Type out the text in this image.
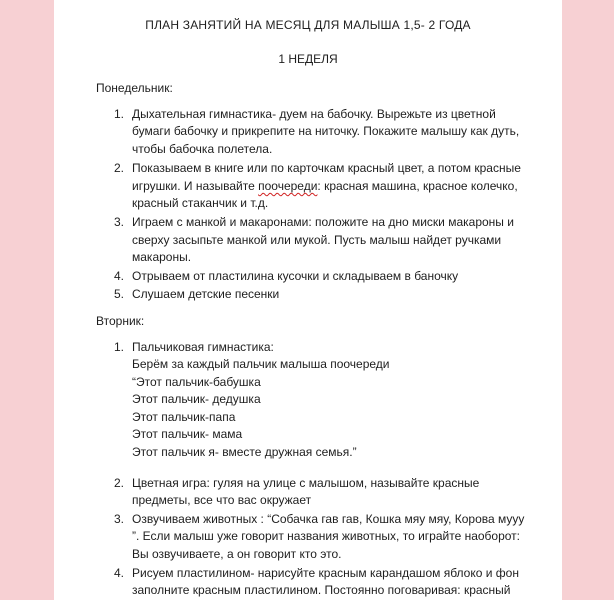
ПЛАН ЗАНЯТИЙ НА МЕСЯЦ ДЛЯ МАЛЫША 1,5- 2 ГОДА
1 НЕДЕЛЯ
Понедельник:
1. Дыхательная гимнастика- дуем на бабочку. Вырежьте из цветной
бумаги бабочку и прикрепите на ниточку. Покажите малышу как дуть,
чтобы бабочка полетела.
2. Показываем в книге или по карточкам красный цвет, а потом красные
игрушки. И называйте поочереди: красная машина, красное колечко,
красный стаканчик и т.д.
3. Играем с манкой и макаронами: положите на дно миски макароны и
сверху засыпьте манкой или мукой. Пусть малыш найдет ручками
макароны.
4. Отрываем от пластилина кусочки и складываем в баночку
5. Слушаем детские песенки
Вторник:
1. Пальчиковая гимнастика:
Берём за каждый пальчик малыша поочереди
“Этот пальчик-бабушка
Этот пальчик- дедушка
Этот пальчик-папа
Этот пальчик- мама
Этот пальчик я- вместе дружная семья.”
2. Цветная игра: гуляя на улице с малышом, называйте красные
предметы, все что вас окружает
3. Озвучиваем животных : “Собачка гав гав, Кошка мяу мяу, Корова мууу
”. Если малыш уже говорит названия животных, то играйте наоборот:
Вы озвучиваете, а он говорит кто это.
4. Рисуем пластилином- нарисуйте красным карандашом яблоко и фон
заполните красным пластилином. Постоянно поговаривая: красный
